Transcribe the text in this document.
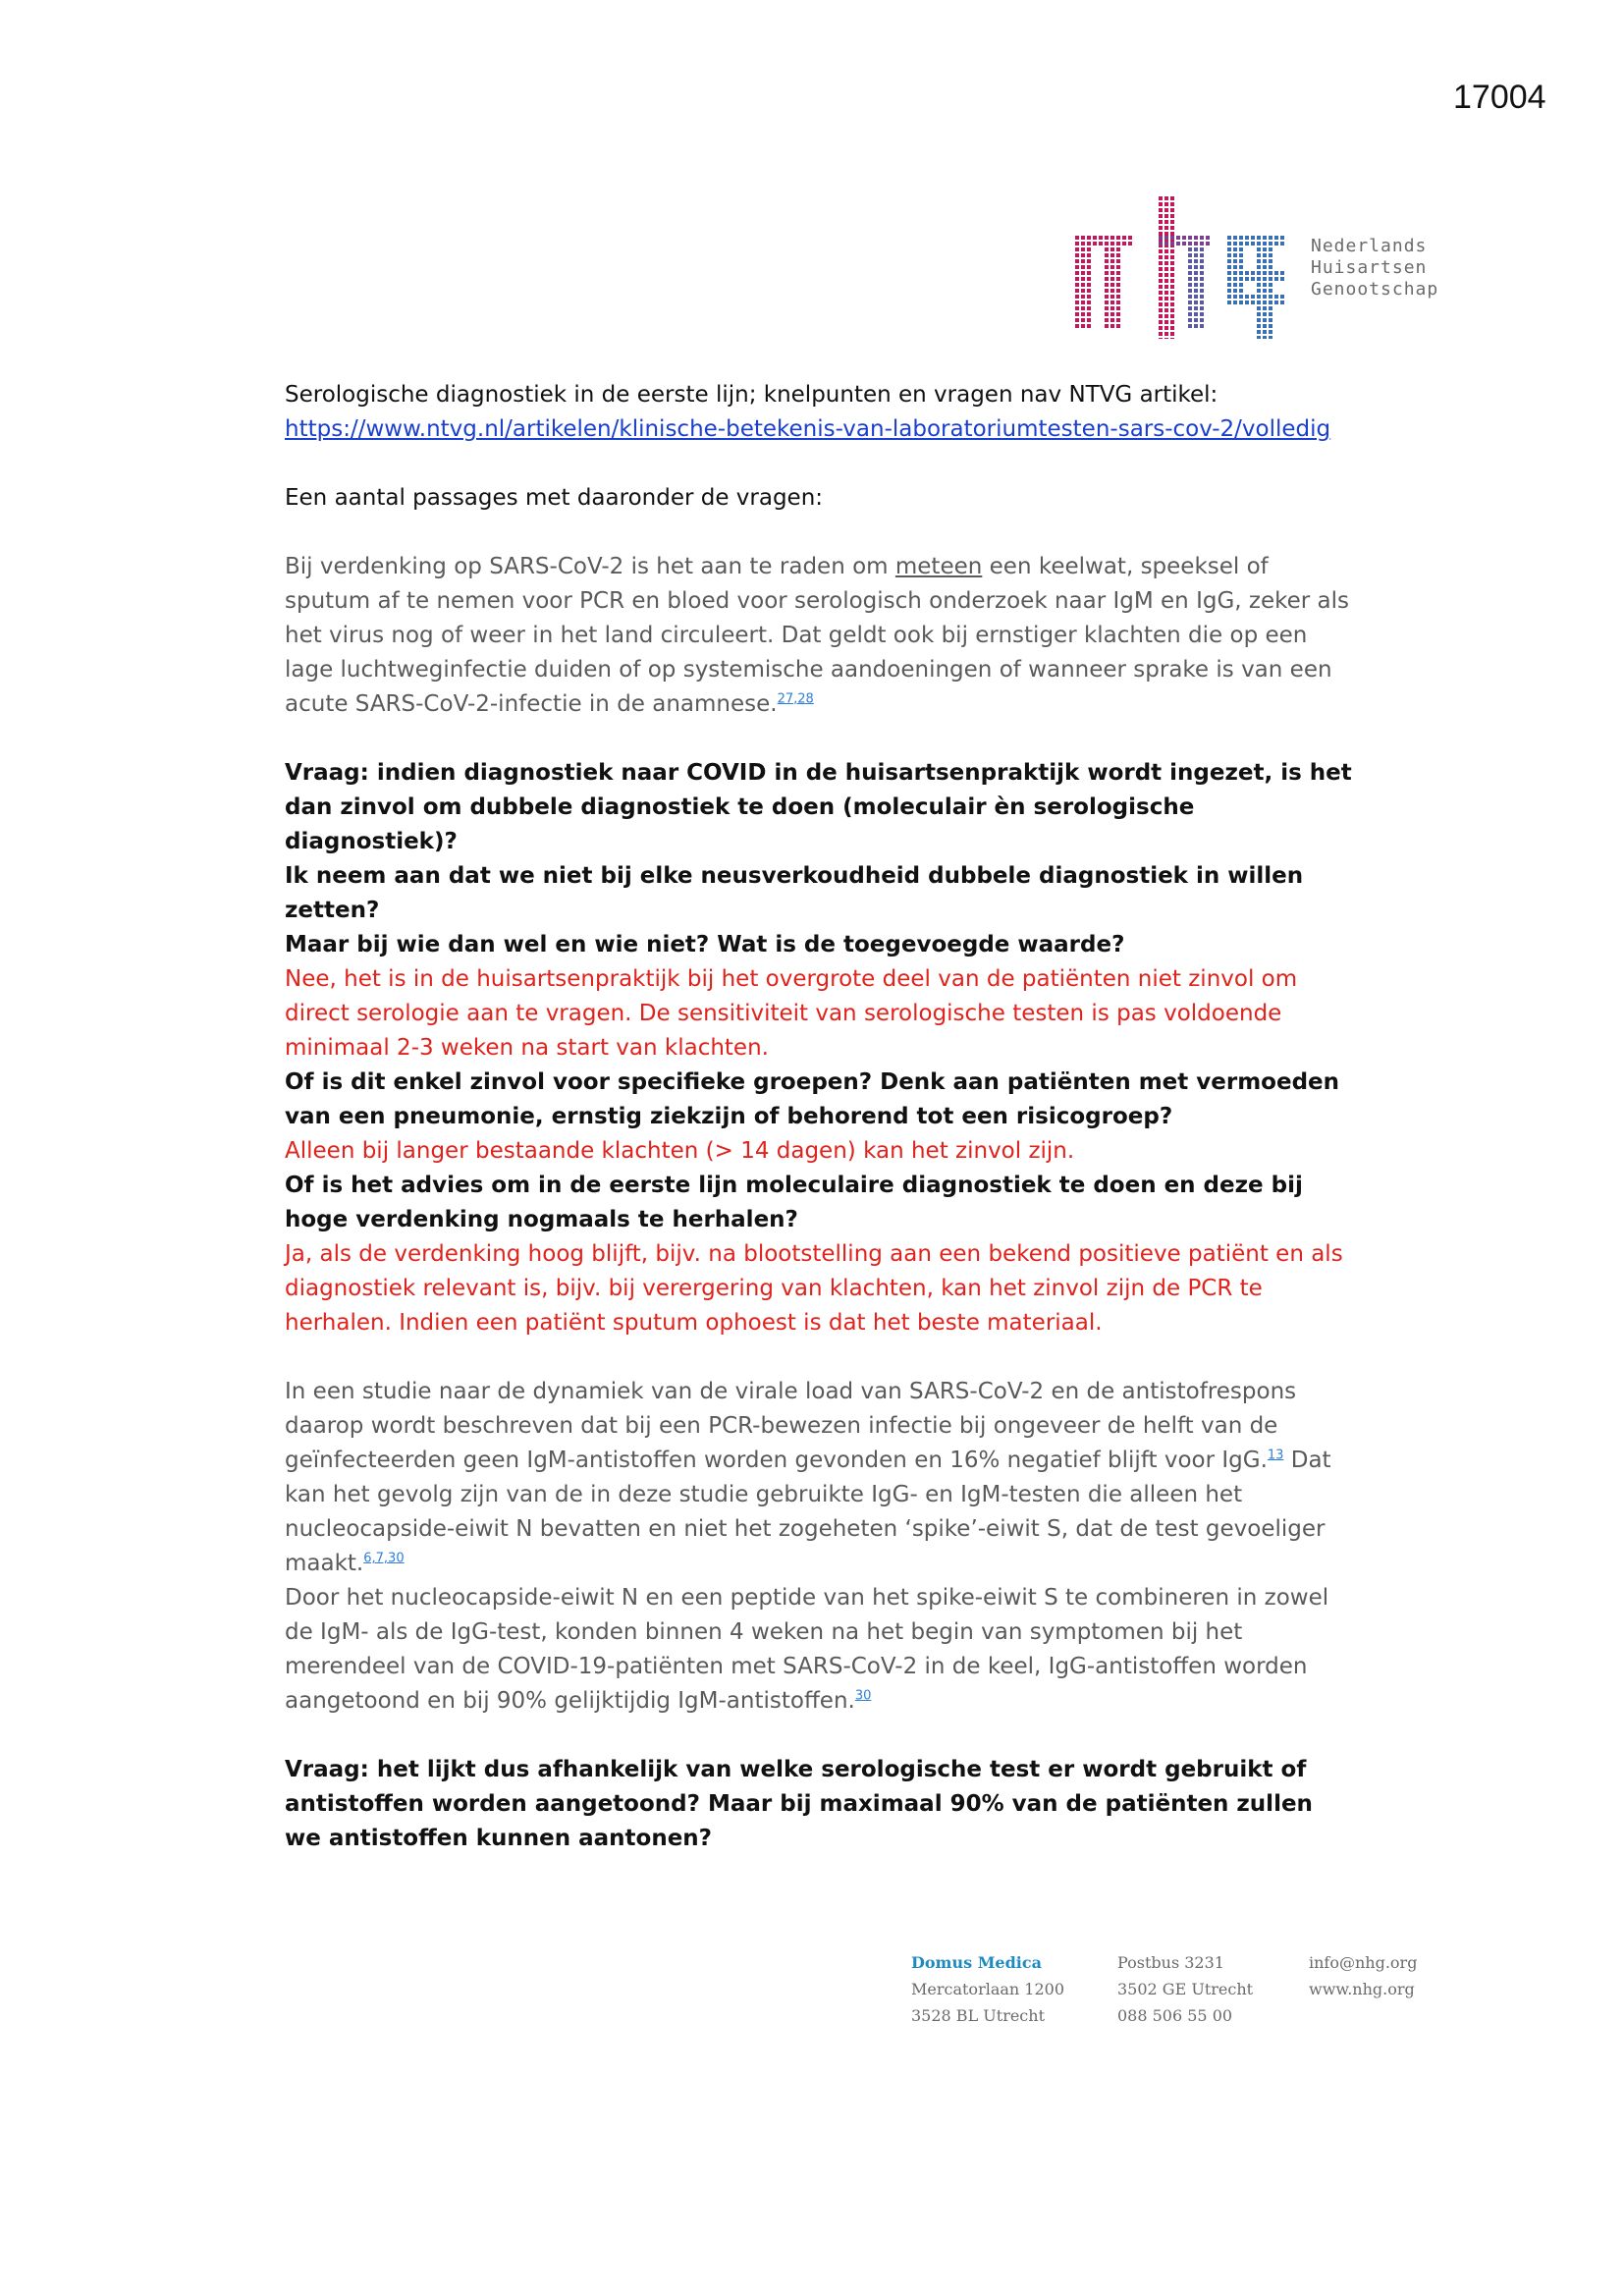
17004
Nederlands
Huisartsen
Genootschap

Serologische diagnostiek in de eerste lijn; knelpunten en vragen nav NTVG artikel:

https://www.ntvg.nl/artikelen/klinische-betekenis-van-laboratoriumtesten-sars-cov-2/volledig

Een aantal passages met daaronder de vragen:

Bij verdenking op SARS-CoV-2 is het aan te raden om meteen een keelwat, speeksel of sputum af te nemen voor PCR en bloed voor serologisch onderzoek naar IgM en IgG, zeker als het virus nog of weer in het land circuleert. Dat geldt ook bij ernstiger klachten die op een lage luchtweginfectie duiden of op systemische aandoeningen of wanneer sprake is van een acute SARS-CoV-2-infectie in de anamnese.$^{27,28}$

Vraag: indien diagnostiek naar COVID in de huisartsenpraktijk wordt ingezet, is het dan zinvol om dubbele diagnostiek te doen (moleculair èn serologische diagnostiek)?

Ik neem aan dat we niet bij elke neusverkoudheid dubbele diagnostiek in willen zetten?

Maar bij wie dan wel en wie niet? Wat is de toegevoegde waarde?

Nee, het is in de huisartsenpraktijk bij het overgrote deel van de patiënten niet zinvol om direct serologie aan te vragen. De sensitiviteit van serologische testen is pas voldoende minimaal 2-3 weken na start van klachten.

Of is dit enkel zinvol voor specifieke groepen? Denk aan patiënten met vermoeden van een pneumonie, ernstig ziekzijn of behorend tot een risicogroep?

Alleen bij langer bestaande klachten (> 14 dagen) kan het zinvol zijn.

Of is het advies om in de eerste lijn moleculaire diagnostiek te doen en deze bij hoge verdenking nogmaals te herhalen?

Ja, als de verdenking hoog blijft, bijv. na blootstelling aan een bekend positieve patiënt en als diagnostiek relevant is, bijv. bij verergering van klachten, kan het zinvol zijn de PCR te herhalen. Indien een patiënt sputum ophoest is dat het beste materiaal.

In een studie naar de dynamiek van de virale load van SARS-CoV-2 en de antistofrespons daarop wordt beschreven dat bij een PCR-bewezen infectie bij ongeveer de helft van de geïnfecteerden geen IgM-antistoffen worden gevonden en 16% negatief blijft voor IgG.$^{13}$ Dat kan het gevolg zijn van de in deze studie gebruikte IgG- en IgM-testen die alleen het nucleocapside-eiwit N bevatten en niet het zogeheten ‘spike’-eiwit S, dat de test gevoeliger maakt.$^{6,7,30}$

Door het nucleocapside-eiwit N en een peptide van het spike-eiwit S te combineren in zowel de IgM- als de IgG-test, konden binnen 4 weken na het begin van symptomen bij het merendeel van de COVID-19-patiënten met SARS-CoV-2 in de keel, IgG-antistoffen worden aangetoond en bij 90% gelijktijdig IgM-antistoffen.$^{30}$

Vraag: het lijkt dus afhankelijk van welke serologische test er wordt gebruikt of antistoffen worden aangetoond? Maar bij maximaal 90% van de patiënten zullen we antistoffen kunnen aantonen?

Domus Medica
Mercatorlaan 1200
3528 BL Utrecht
Postbus 3231
3502 GE Utrecht
088 506 55 00
info@nhg.org
www.nhg.org
